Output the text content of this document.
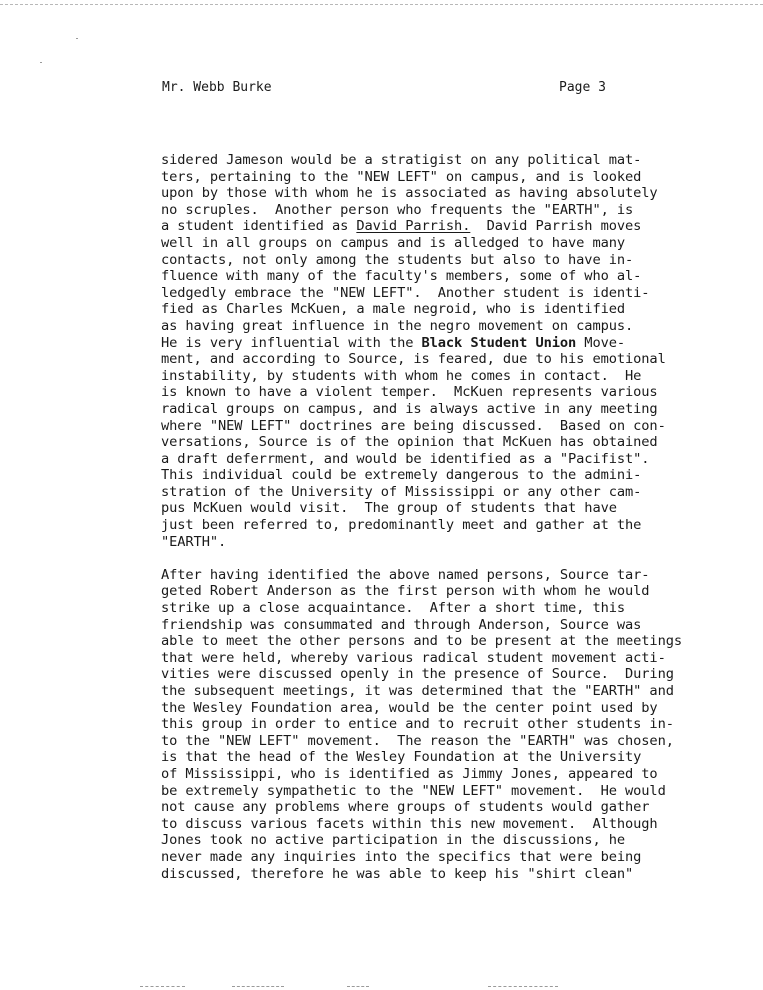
Mr. Webb Burke	Page 3
sidered Jameson would be a stratigist on any political mat-
ters, pertaining to the "NEW LEFT" on campus, and is looked
upon by those with whom he is associated as having absolutely
no scruples.  Another person who frequents the "EARTH", is
a student identified as David Parrish.  David Parrish moves
well in all groups on campus and is alledged to have many
contacts, not only among the students but also to have in-
fluence with many of the faculty's members, some of who al-
ledgedly embrace the "NEW LEFT".  Another student is identi-
fied as Charles McKuen, a male negroid, who is identified
as having great influence in the negro movement on campus.
He is very influential with the Black Student Union Move-
ment, and according to Source, is feared, due to his emotional
instability, by students with whom he comes in contact.  He
is known to have a violent temper.  McKuen represents various
radical groups on campus, and is always active in any meeting
where "NEW LEFT" doctrines are being discussed.  Based on con-
versations, Source is of the opinion that McKuen has obtained
a draft deferrment, and would be identified as a "Pacifist".
This individual could be extremely dangerous to the admini-
stration of the University of Mississippi or any other cam-
pus McKuen would visit.  The group of students that have
just been referred to, predominantly meet and gather at the
"EARTH".
After having identified the above named persons, Source tar-
geted Robert Anderson as the first person with whom he would
strike up a close acquaintance.  After a short time, this
friendship was consummated and through Anderson, Source was
able to meet the other persons and to be present at the meetings
that were held, whereby various radical student movement acti-
vities were discussed openly in the presence of Source.  During
the subsequent meetings, it was determined that the "EARTH" and
the Wesley Foundation area, would be the center point used by
this group in order to entice and to recruit other students in-
to the "NEW LEFT" movement.  The reason the "EARTH" was chosen,
is that the head of the Wesley Foundation at the University
of Mississippi, who is identified as Jimmy Jones, appeared to
be extremely sympathetic to the "NEW LEFT" movement.  He would
not cause any problems where groups of students would gather
to discuss various facets within this new movement.  Although
Jones took no active participation in the discussions, he
never made any inquiries into the specifics that were being
discussed, therefore he was able to keep his "shirt clean"
